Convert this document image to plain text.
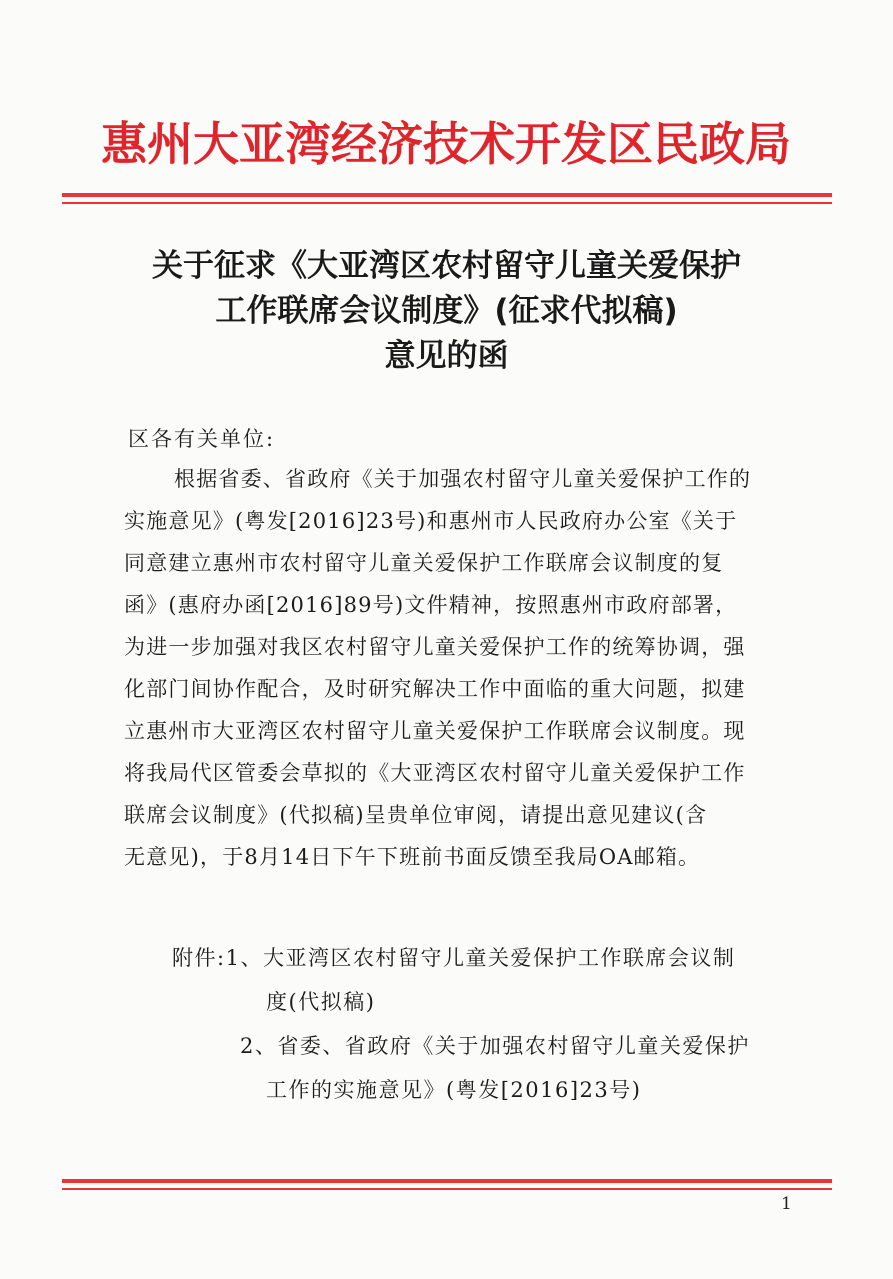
惠州大亚湾经济技术开发区民政局
关于征求《大亚湾区农村留守儿童关爱保护
工作联席会议制度》(征求代拟稿)
意见的函
区各有关单位:
根据省委、省政府《关于加强农村留守儿童关爱保护工作的
实施意见》(粤发[2016]23号)和惠州市人民政府办公室《关于
同意建立惠州市农村留守儿童关爱保护工作联席会议制度的复
函》(惠府办函[2016]89号)文件精神，按照惠州市政府部署，
为进一步加强对我区农村留守儿童关爱保护工作的统筹协调，强
化部门间协作配合，及时研究解决工作中面临的重大问题，拟建
立惠州市大亚湾区农村留守儿童关爱保护工作联席会议制度。现
将我局代区管委会草拟的《大亚湾区农村留守儿童关爱保护工作
联席会议制度》(代拟稿)呈贵单位审阅，请提出意见建议(含
无意见)，于8月14日下午下班前书面反馈至我局OA邮箱。
附件:1、大亚湾区农村留守儿童关爱保护工作联席会议制
度(代拟稿)
2、省委、省政府《关于加强农村留守儿童关爱保护
工作的实施意见》(粤发[2016]23号)
1
